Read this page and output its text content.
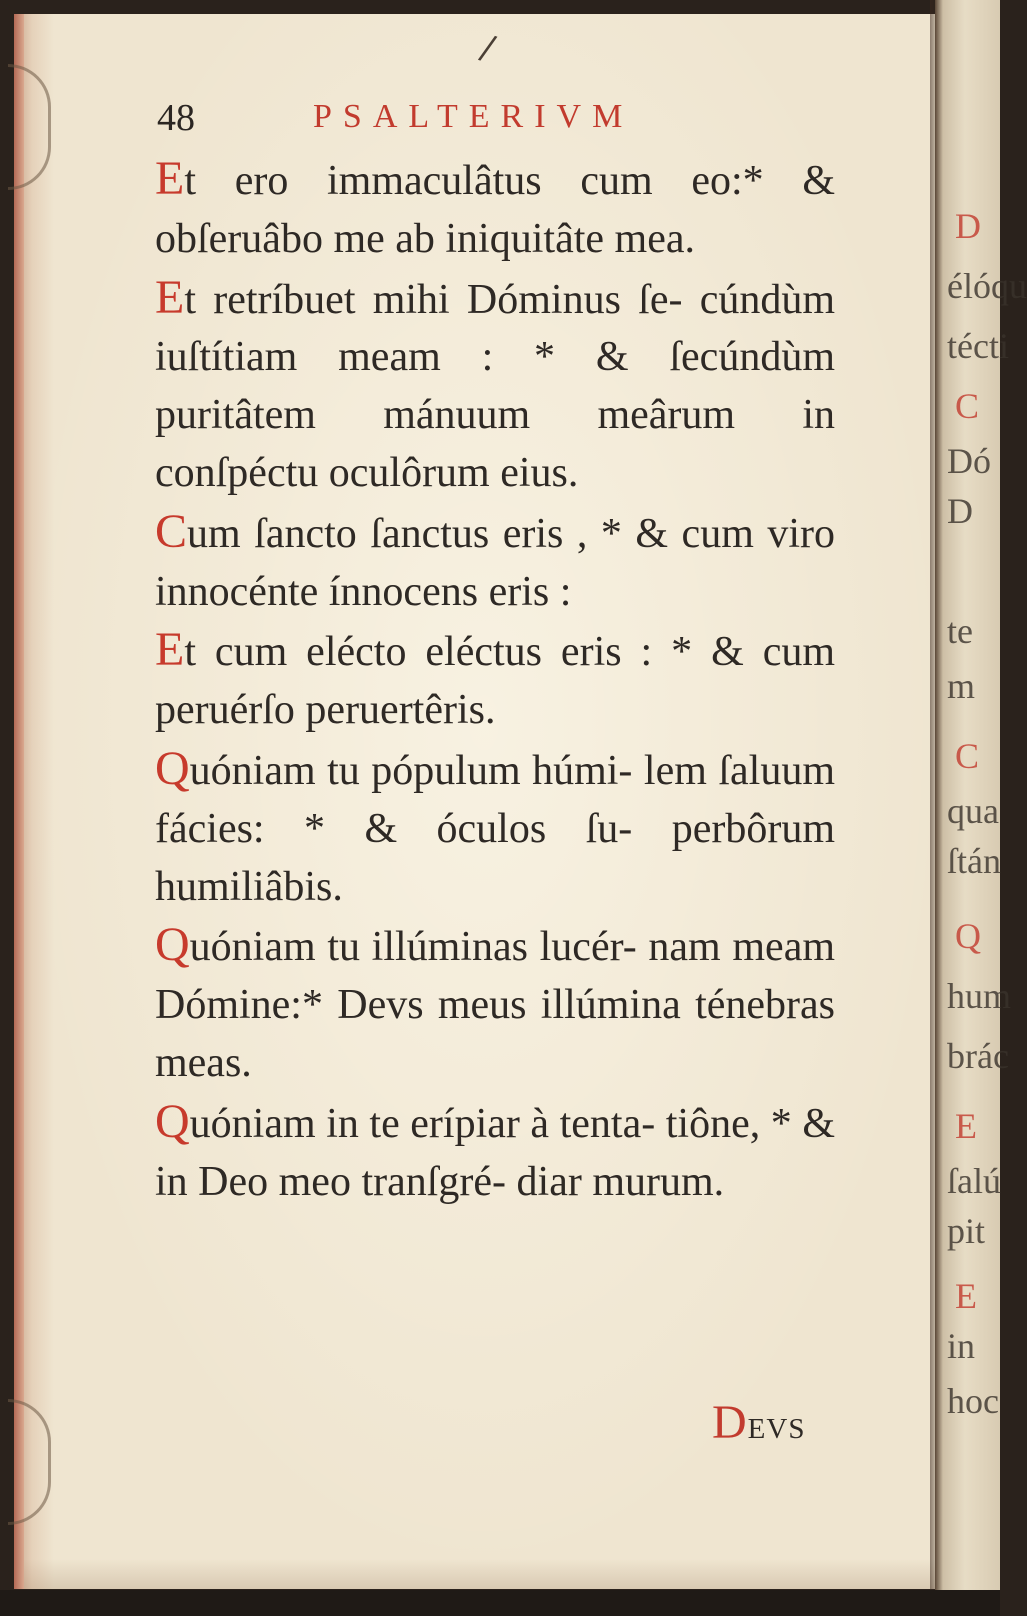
/
48	PSALTERIVM

Et ero immaculâtus cum eo:* & obſeruâbo me ab iniquitâte mea.

Et retríbuet mihi Dóminus ſe- cúndùm iuſtítiam meam : * & ſecúndùm puritâtem mánuum meârum in conſpéctu oculôrum eius.

Cum ſancto ſanctus eris , * & cum viro innocénte ínnocens eris :

Et cum elécto eléctus eris : * & cum peruérſo peruertêris.

Quóniam tu pópulum húmi- lem ſaluum fácies: * & óculos ſu- perbôrum humiliâbis.

Quóniam tu illúminas lucér- nam meam Dómine:* Devs meus illúmina ténebras meas.

Quóniam in te erípiar à tenta- tiône, * & in Deo meo tranſgré- diar murum.

Devs
D
élóqu
técti
C
Dó
D
te
m
C
qua
ſtán
Q
hum
brác
E
ſalú
pit
E
in
hoc
